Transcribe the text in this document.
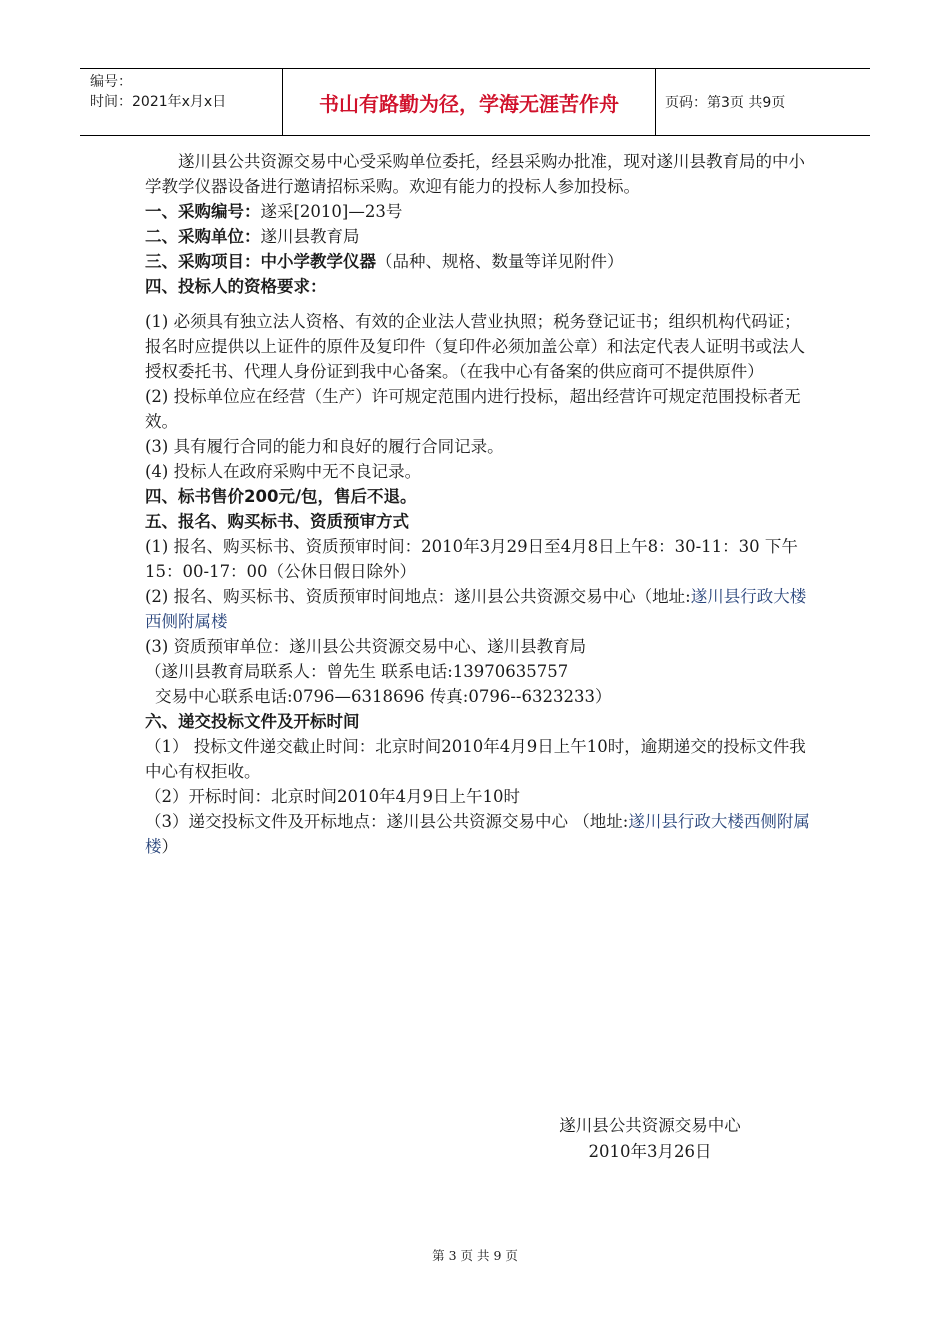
编号：
时间：2021年x月x日	书山有路勤为径，学海无涯苦作舟	页码：第3页 共9页

遂川县公共资源交易中心受采购单位委托，经县采购办批准，现对遂川县教育局的中小学教学仪器设备进行邀请招标采购。欢迎有能力的投标人参加投标。

一、采购编号：遂采[2010]—23号

二、采购单位：遂川县教育局

三、采购项目：中小学教学仪器（品种、规格、数量等详见附件）

四、投标人的资格要求：

(1) 必须具有独立法人资格、有效的企业法人营业执照；税务登记证书；组织机构代码证；报名时应提供以上证件的原件及复印件（复印件必须加盖公章）和法定代表人证明书或法人授权委托书、代理人身份证到我中心备案。（在我中心有备案的供应商可不提供原件）

(2) 投标单位应在经营（生产）许可规定范围内进行投标，超出经营许可规定范围投标者无效。

(3) 具有履行合同的能力和良好的履行合同记录。

(4) 投标人在政府采购中无不良记录。

四、标书售价200元/包，售后不退。

五、报名、购买标书、资质预审方式

(1) 报名、购买标书、资质预审时间：2010年3月29日至4月8日上午8：30-11：30 下午15：00-17：00（公休日假日除外）

(2) 报名、购买标书、资质预审时间地点：遂川县公共资源交易中心（地址:遂川县行政大楼西侧附属楼

(3) 资质预审单位：遂川县公共资源交易中心、遂川县教育局

（遂川县教育局联系人：曾先生 联系电话:13970635757

交易中心联系电话:0796—6318696 传真:0796--6323233）

六、递交投标文件及开标时间

（1） 投标文件递交截止时间：北京时间2010年4月9日上午10时，逾期递交的投标文件我中心有权拒收。

（2）开标时间：北京时间2010年4月9日上午10时

（3）递交投标文件及开标地点：遂川县公共资源交易中心 （地址:遂川县行政大楼西侧附属楼）

遂川县公共资源交易中心
2010年3月26日
第 3 页 共 9 页
